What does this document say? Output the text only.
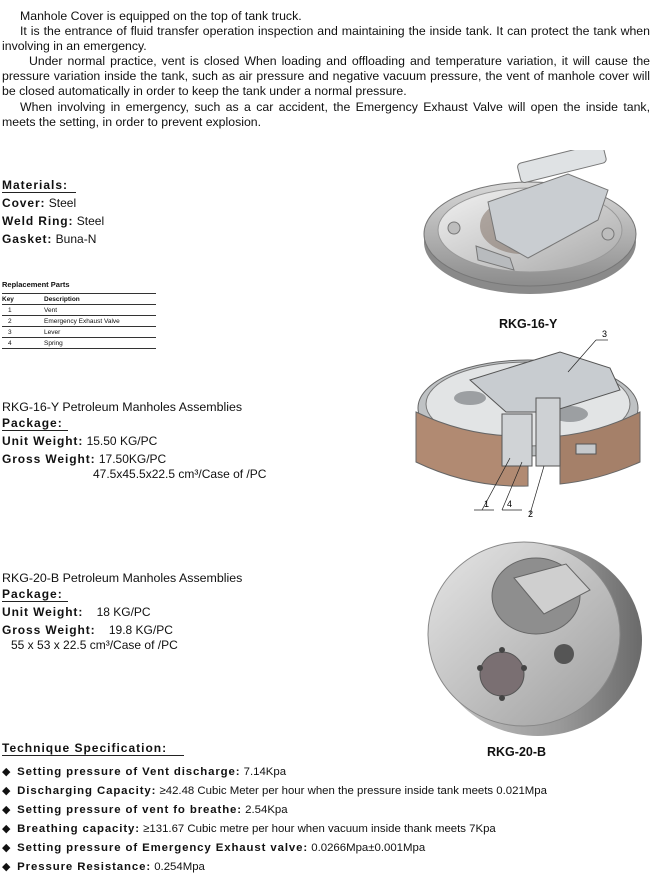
Manhole Cover is equipped on the top of tank truck.

It is the entrance of fluid transfer operation inspection and maintaining the inside tank. It can protect the tank when involving in an emergency.

Under normal practice, vent is closed When loading and offloading and temperature variation, it will cause the pressure variation inside the tank, such as air pressure and negative vacuum pressure, the vent of manhole cover will be closed automatically in order to keep the tank under a normal pressure.

When involving in emergency, such as a car accident, the Emergency Exhaust Valve will open the inside tank, meets the setting, in order to prevent explosion.

Materials:
Cover: Steel
Weld Ring: Steel
Gasket: Buna-N
Replacement Parts
Key	Description
1	Vent
2	Emergency Exhaust Valve
3	Lever
4	Spring
RKG-16-Y
1 4
2
3
RKG-16-Y Petroleum Manholes Assemblies
Package:
Unit Weight: 15.50 KG/PC
Gross Weight: 17.50KG/PC
47.5x45.5x22.5 cm³/Case of /PC
RKG-20-B
RKG-20-B Petroleum Manholes Assemblies
Package:
Unit Weight: 18 KG/PC
Gross Weight: 19.8 KG/PC
55 x 53 x 22.5 cm³/Case of /PC
Technique Specification:
◆ Setting pressure of Vent discharge: 7.14Kpa
◆ Discharging Capacity: ≥42.48 Cubic Meter per hour when the pressure inside tank meets 0.021Mpa
◆ Setting pressure of vent fo breathe: 2.54Kpa
◆ Breathing capacity: ≥131.67 Cubic metre per hour when vacuum inside thank meets 7Kpa
◆ Setting pressure of Emergency Exhaust valve: 0.0266Mpa±0.001Mpa
◆ Pressure Resistance: 0.254Mpa
